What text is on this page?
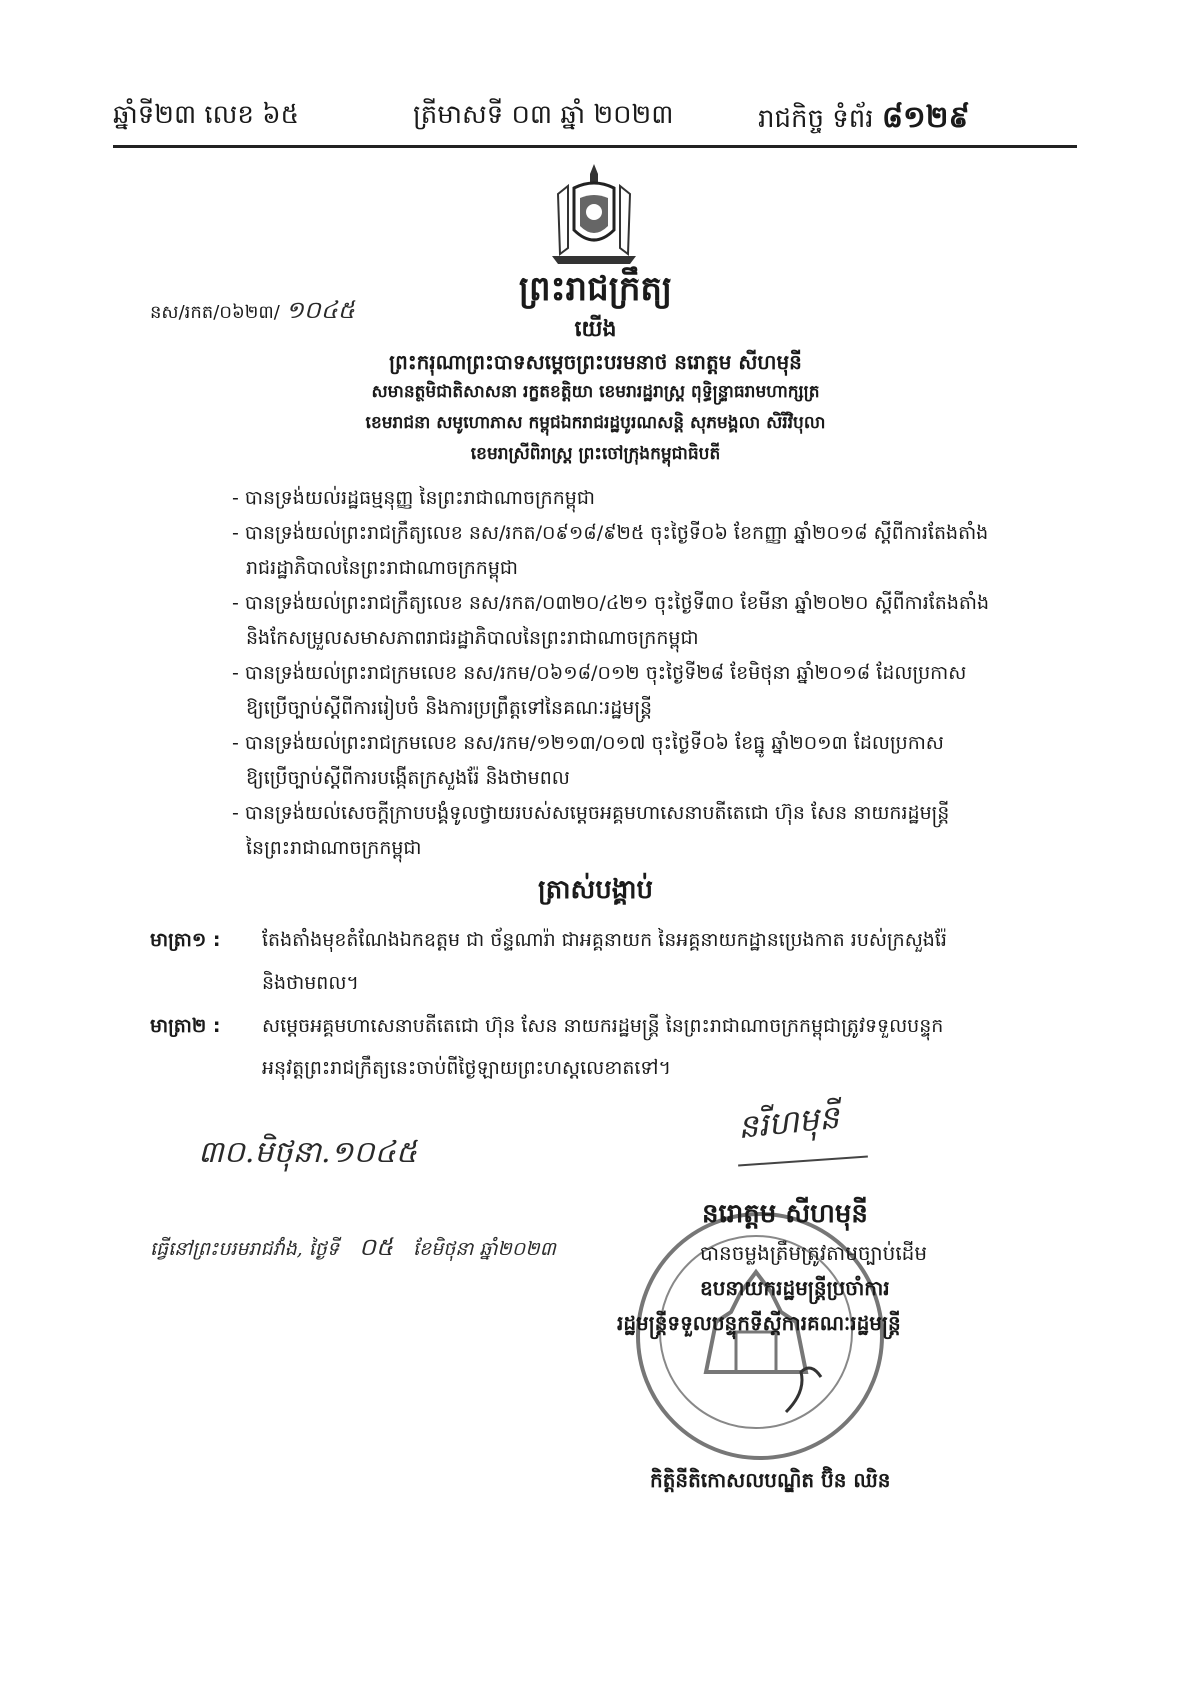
ឆ្នាំទី២៣ លេខ ៦៥	ត្រីមាសទី ០៣ ឆ្នាំ ២០២៣	រាជកិច្ច ទំព័រ ៨១២៩
ព្រះរាជក្រឹត្យ
នស/រកត/០៦២៣/ ១០៤៥
យើង
ព្រះករុណាព្រះបាទសម្តេចព្រះបរមនាថ នរោត្តម សីហមុនី
សមានត្ថមិជាតិសាសនា រក្ខតខត្តិយា ខេមរារដ្ឋរាស្ត្រ ពុទ្ធិន្ទ្រាធរាមហាក្សត្រ
ខេមរាជនា សមូហោភាស កម្ពុជឯករាជរដ្ឋបូរណសន្តិ សុភមង្គលា សិរីវិបុលា
ខេមរាស្រីពិរាស្ត្រ ព្រះចៅក្រុងកម្ពុជាធិបតី
- បានទ្រង់យល់រដ្ឋធម្មនុញ្ញ នៃព្រះរាជាណាចក្រកម្ពុជា
- បានទ្រង់យល់ព្រះរាជក្រឹត្យលេខ នស/រកត/០៩១៨/៩២៥ ចុះថ្ងៃទី០៦ ខែកញ្ញា ឆ្នាំ២០១៨ ស្តីពីការតែងតាំង
រាជរដ្ឋាភិបាលនៃព្រះរាជាណាចក្រកម្ពុជា
- បានទ្រង់យល់ព្រះរាជក្រឹត្យលេខ នស/រកត/០៣២០/៤២១ ចុះថ្ងៃទី៣០ ខែមីនា ឆ្នាំ២០២០ ស្តីពីការតែងតាំង
និងកែសម្រួលសមាសភាពរាជរដ្ឋាភិបាលនៃព្រះរាជាណាចក្រកម្ពុជា
- បានទ្រង់យល់ព្រះរាជក្រមលេខ នស/រកម/០៦១៨/០១២ ចុះថ្ងៃទី២៨ ខែមិថុនា ឆ្នាំ២០១៨ ដែលប្រកាស
ឱ្យប្រើច្បាប់ស្តីពីការរៀបចំ និងការប្រព្រឹត្តទៅនៃគណៈរដ្ឋមន្ត្រី
- បានទ្រង់យល់ព្រះរាជក្រមលេខ នស/រកម/១២១៣/០១៧ ចុះថ្ងៃទី០៦ ខែធ្នូ ឆ្នាំ២០១៣ ដែលប្រកាស
ឱ្យប្រើច្បាប់ស្តីពីការបង្កើតក្រសួងរ៉ែ និងថាមពល
- បានទ្រង់យល់សេចក្តីក្រាបបង្គំទូលថ្វាយរបស់សម្តេចអគ្គមហាសេនាបតីតេជោ ហ៊ុន សែន នាយករដ្ឋមន្ត្រី
នៃព្រះរាជាណាចក្រកម្ពុជា
ត្រាស់បង្គាប់
មាត្រា១ : តែងតាំងមុខតំណែងឯកឧត្តម ជា ច័ន្ទណារ៉ា ជាអគ្គនាយក នៃអគ្គនាយកដ្ឋានប្រេងកាត របស់ក្រសួងរ៉ែ
និងថាមពល។
មាត្រា២ : សម្តេចអគ្គមហាសេនាបតីតេជោ ហ៊ុន សែន នាយករដ្ឋមន្ត្រី នៃព្រះរាជាណាចក្រកម្ពុជាត្រូវទទួលបន្ទុក
អនុវត្តព្រះរាជក្រឹត្យនេះចាប់ពីថ្ងៃឡាយព្រះហស្តលេខាតទៅ។
៣០.មិថុនា.១០៤៥
នរីហមុនី
ធ្វើនៅព្រះបរមរាជវាំង, ថ្ងៃទី ០៥ ខែមិថុនា ឆ្នាំ២០២៣
នរោត្តម សីហមុនី
បានចម្លងត្រឹមត្រូវតាមច្បាប់ដើម
ឧបនាយករដ្ឋមន្ត្រីប្រចាំការ
រដ្ឋមន្ត្រីទទួលបន្ទុកទីស្តីការគណៈរដ្ឋមន្ត្រី
កិត្តិនីតិកោសលបណ្ឌិត ប៊ិន ឈិន
